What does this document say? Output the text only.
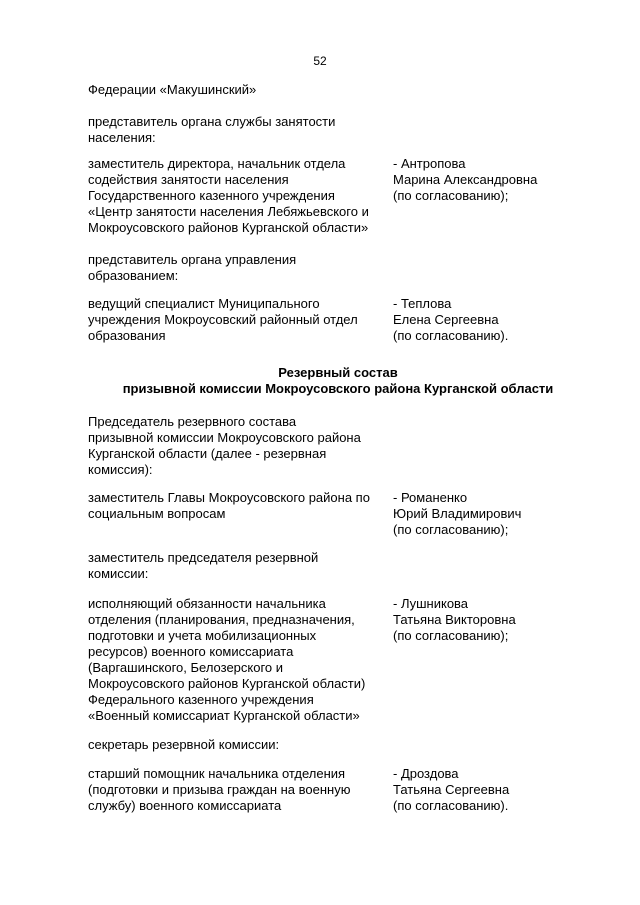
52
Федерации «Макушинский»
представитель органа службы занятости
населения:
заместитель директора, начальник отдела
содействия занятости населения
Государственного казенного учреждения
«Центр занятости населения Лебяжьевского и
Мокроусовского районов Курганской области»
- Антропова
Марина Александровна
(по согласованию);
представитель органа управления
образованием:
ведущий специалист Муниципального
учреждения Мокроусовский районный отдел
образования
- Теплова
Елена Сергеевна
(по согласованию).
Резервный состав
призывной комиссии Мокроусовского района Курганской области
Председатель резервного состава
призывной комиссии Мокроусовского района
Курганской области (далее - резервная
комиссия):
заместитель Главы Мокроусовского района по
социальным вопросам
- Романенко
Юрий Владимирович
(по согласованию);
заместитель председателя резервной
комиссии:
исполняющий обязанности начальника
отделения (планирования, предназначения,
подготовки и учета мобилизационных
ресурсов) военного комиссариата
(Варгашинского, Белозерского и
Мокроусовского районов Курганской области)
Федерального казенного учреждения
«Военный комиссариат Курганской области»
- Лушникова
Татьяна Викторовна
(по согласованию);
секретарь резервной комиссии:
старший помощник начальника отделения
(подготовки и призыва граждан на военную
службу) военного комиссариата
- Дроздова
Татьяна Сергеевна
(по согласованию).
